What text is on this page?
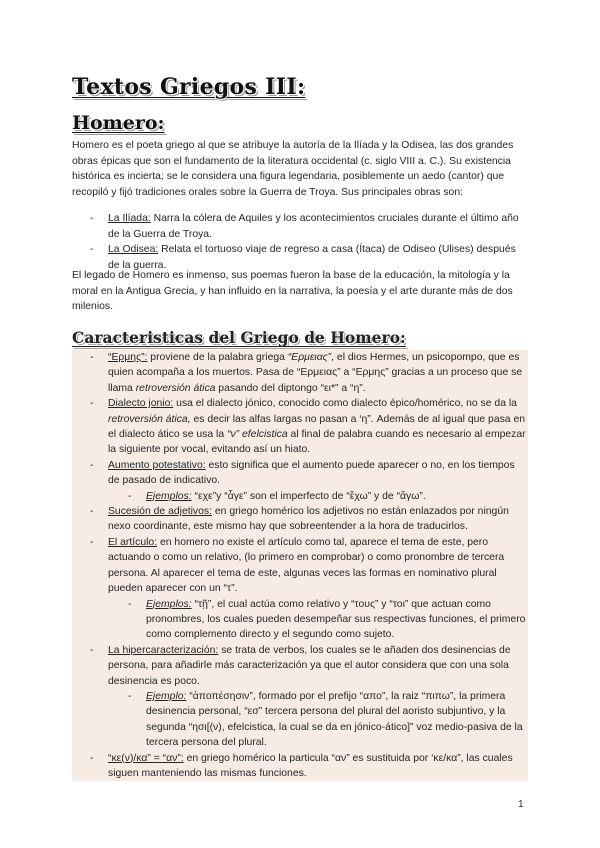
Textos Griegos III:
Homero:

Homero es el poeta griego al que se atribuye la autoría de la Ilíada y la Odisea, las dos grandes obras épicas que son el fundamento de la literatura occidental (c. siglo VIII a. C.). Su existencia histórica es incierta; se le considera una figura legendaria, posiblemente un aedo (cantor) que recopiló y fijó tradiciones orales sobre la Guerra de Troya. Sus principales obras son:

- La Ilíada: Narra la cólera de Aquiles y los acontecimientos cruciales durante el último año de la Guerra de Troya.
- La Odisea: Relata el tortuoso viaje de regreso a casa (Ítaca) de Odiseo (Ulises) después de la guerra.

El legado de Homero es inmenso, sus poemas fueron la base de la educación, la mitología y la moral en la Antigua Grecia, y han influido en la narrativa, la poesía y el arte durante más de dos milenios.

Caracteristicas del Griego de Homero:
- “Ερμης”: proviene de la palabra griega “Ερμειας”, el dios Hermes, un psicopompo, que es quien acompaña a los muertos. Pasa de “Ερμειας” a “Ερμης” gracias a un proceso que se llama retroversión ática pasando del diptongo “ει*” a “η”.
- Dialecto jonio: usa el dialecto jónico, conocido como dialecto épico/homérico, no se da la retroversión ática, es decir las alfas largas no pasan a ‘η”. Además de al igual que pasa en el dialecto ático se usa la “ν” efelcistica al final de palabra cuando es necesario al empezar la siguiente por vocal, evitando así un hiato.
- Aumento potestativo: esto significa que el aumento puede aparecer o no, en los tiempos de pasado de indicativo.
- Ejemplos: “εχε”y “ἆγε” son el imperfecto de “ἔχω” y de “ἄγω”.
- Sucesión de adjetivos: en griego homérico los adjetivos no están enlazados por ningún nexo coordinante, este mismo hay que sobreentender a la hora de traducirlos.
- El artículo: en homero no existe el artículo como tal, aparece el tema de este, pero actuando o como un relativo, (lo primero en comprobar) o como pronombre de tercera persona. Al aparecer el tema de este, algunas veces las formas en nominativo plural pueden aparecer con un “τ”.
- Ejemplos: “τῇ”, el cual actúa como relativo y “τους” y “τοι” que actuan como pronombres, los cuales pueden desempeñar sus respectivas funciones, el primero como complemento directo y el segundo como sujeto.
- La hipercaracterización: se trata de verbos, los cuales se le añaden dos desinencias de persona, para añadirle más caracterización ya que el autor considera que con una sola desinencia es poco.
- Ejemplo: “ἀποπέσησιν”, formado por el prefijo “απο”, la raiz “πιπω”, la primera desinencia personal, “εσ” tercera persona del plural del aoristo subjuntivo, y la segunda “ησι[(ν), efelcistica, la cual se da en jónico-ático]” voz medio-pasiva de la tercera persona del plural.
- “κε(ν)/κα” = “αν”: en griego homérico la particula “αν” es sustituida por ‘κε/κα”, las cuales siguen manteniendo las mismas funciones.
1
